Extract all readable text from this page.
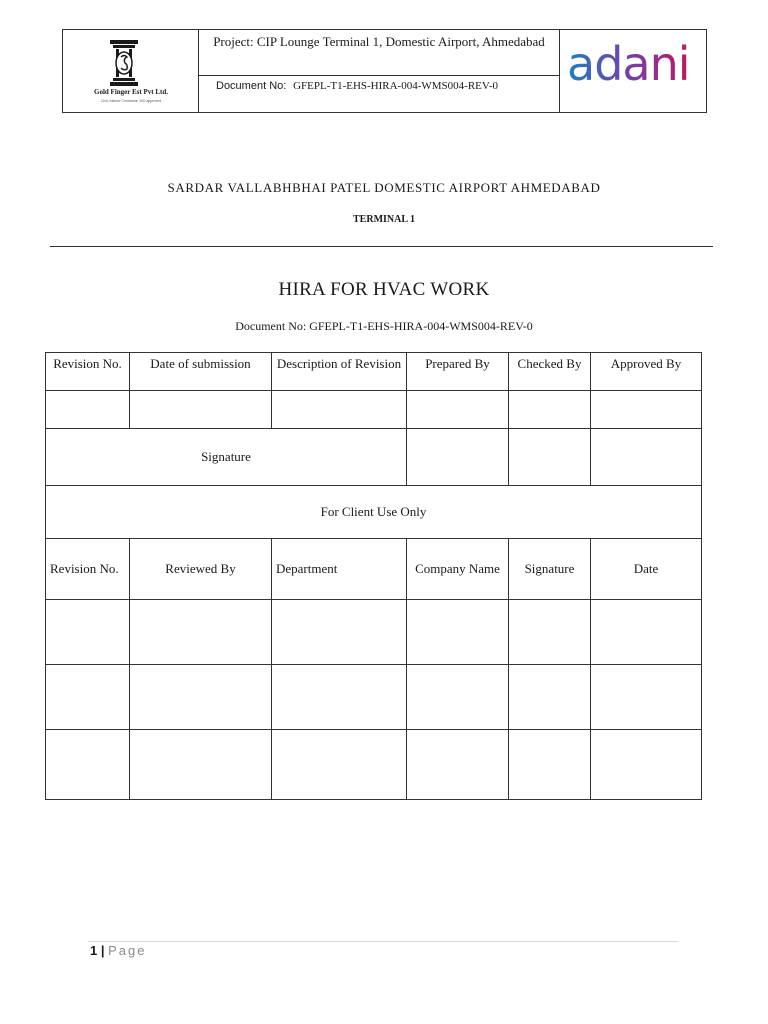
Gold Finger Est Pvt Ltd.
Civil, Interior Contractor, ISO approved
Project: CIP Lounge Terminal 1, Domestic Airport, Ahmedabad
Document No: GFEPL-T1-EHS-HIRA-004-WMS004-REV-0	adani
SARDAR VALLABHBHAI PATEL DOMESTIC AIRPORT AHMEDABAD
TERMINAL 1
HIRA FOR HVAC WORK
Document No: GFEPL-T1-EHS-HIRA-004-WMS004-REV-0
Revision No.	Date of submission	Description of Revision	Prepared By	Checked By	Approved By

Signature					
For Client Use Only					
Revision No.	Reviewed By	Department	Company Name	Signature	Date

1 | Page
